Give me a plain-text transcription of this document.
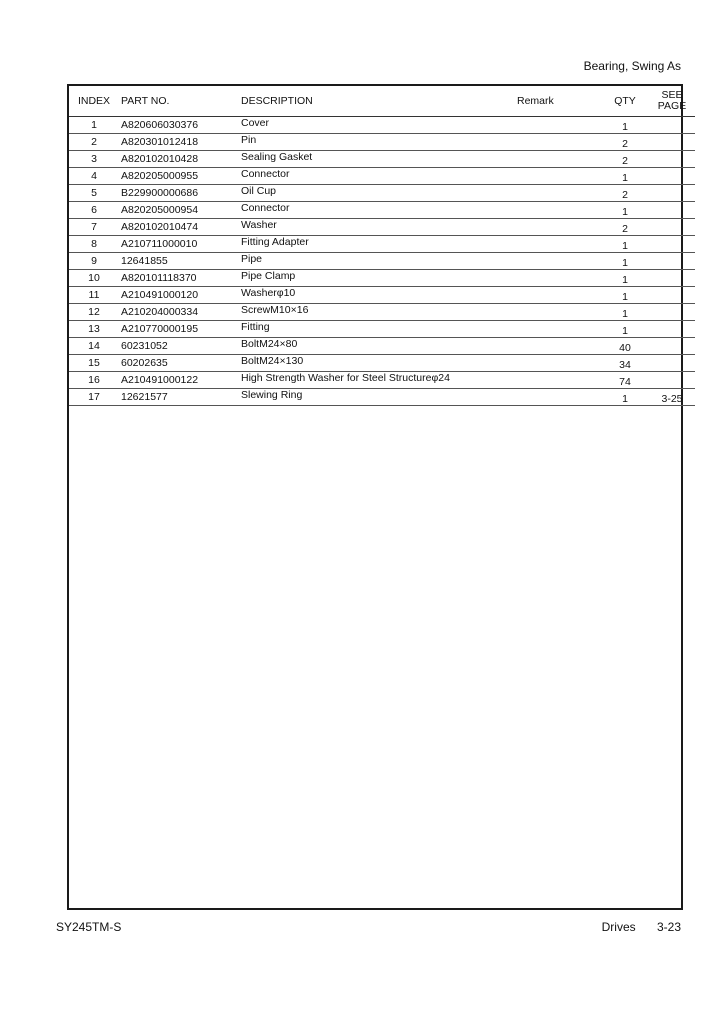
Bearing, Swing As
INDEX	PART NO.	DESCRIPTION	Remark	QTY	SEE
PAGE

1	A820606030376	Cover		1	
2	A820301012418	Pin		2	
3	A820102010428	Sealing Gasket		2	
4	A820205000955	Connector		1	
5	B229900000686	Oil Cup		2	
6	A820205000954	Connector		1	
7	A820102010474	Washer		2	
8	A210711000010	Fitting Adapter		1	
9	12641855	Pipe		1	
10	A820101118370	Pipe Clamp		1	
11	A210491000120	Washerφ10		1	
12	A210204000334	ScrewM10×16		1	
13	A210770000195	Fitting		1	
14	60231052	BoltM24×80		40	
15	60202635	BoltM24×130		34	
16	A210491000122	High Strength Washer for Steel Structureφ24		74	
17	12621577	Slewing Ring		1	3-25
SY245TM-S	Drives 3-23
